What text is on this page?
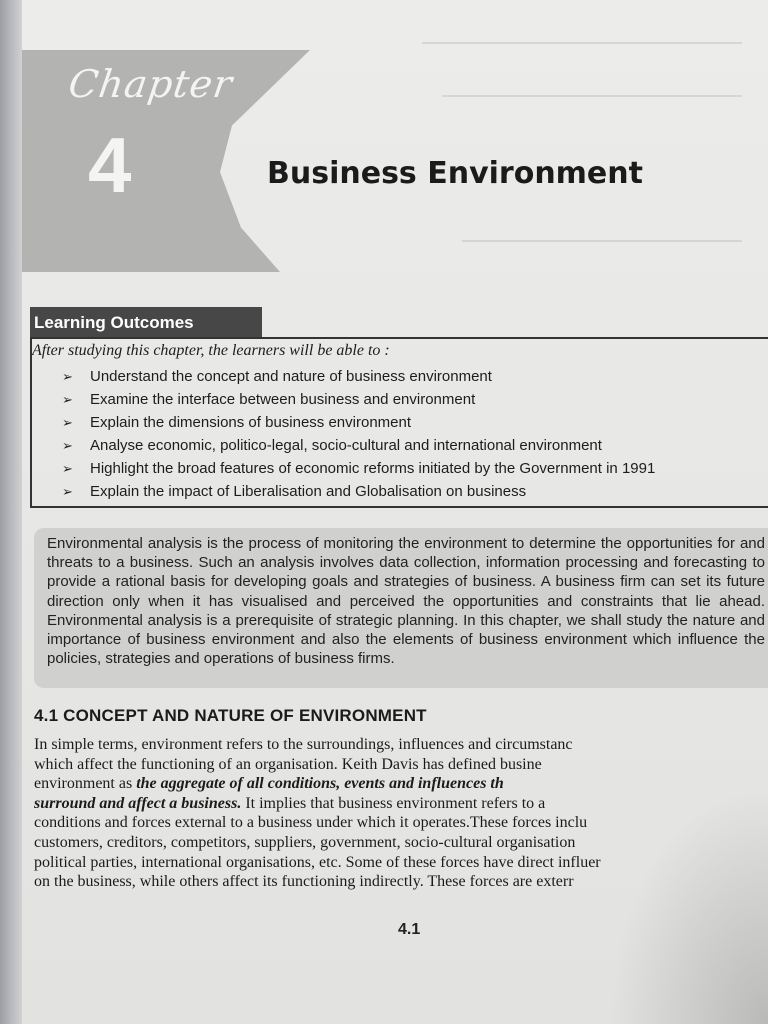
Chapter
4	Business Environment
Learning Outcomes
After studying this chapter, the learners will be able to :
➢	Understand the concept and nature of business environment
➢	Examine the interface between business and environment
➢	Explain the dimensions of business environment
➢	Analyse economic, politico-legal, socio-cultural and international environment
➢	Highlight the broad features of economic reforms initiated by the Government in 1991
➢	Explain the impact of Liberalisation and Globalisation on business
Environmental analysis is the process of monitoring the environment to determine the opportunities for and threats to a business. Such an analysis involves data collection, information processing and forecasting to provide a rational basis for developing goals and strategies of business. A business firm can set its future direction only when it has visualised and perceived the opportunities and constraints that lie ahead. Environmental analysis is a prerequisite of strategic planning. In this chapter, we shall study the nature and importance of business environment and also the elements of business environment which influence the policies, strategies and operations of business firms.
4.1 CONCEPT AND NATURE OF ENVIRONMENT
In simple terms, environment refers to the surroundings, influences and circumstanc
which affect the functioning of an organisation. Keith Davis has defined busine
environment as the aggregate of all conditions, events and influences th
surround and affect a business. It implies that business environment refers to a
conditions and forces external to a business under which it operates.These forces inclu
customers, creditors, competitors, suppliers, government, socio-cultural organisation
political parties, international organisations, etc. Some of these forces have direct influer
on the business, while others affect its functioning indirectly. These forces are exterr
4.1
